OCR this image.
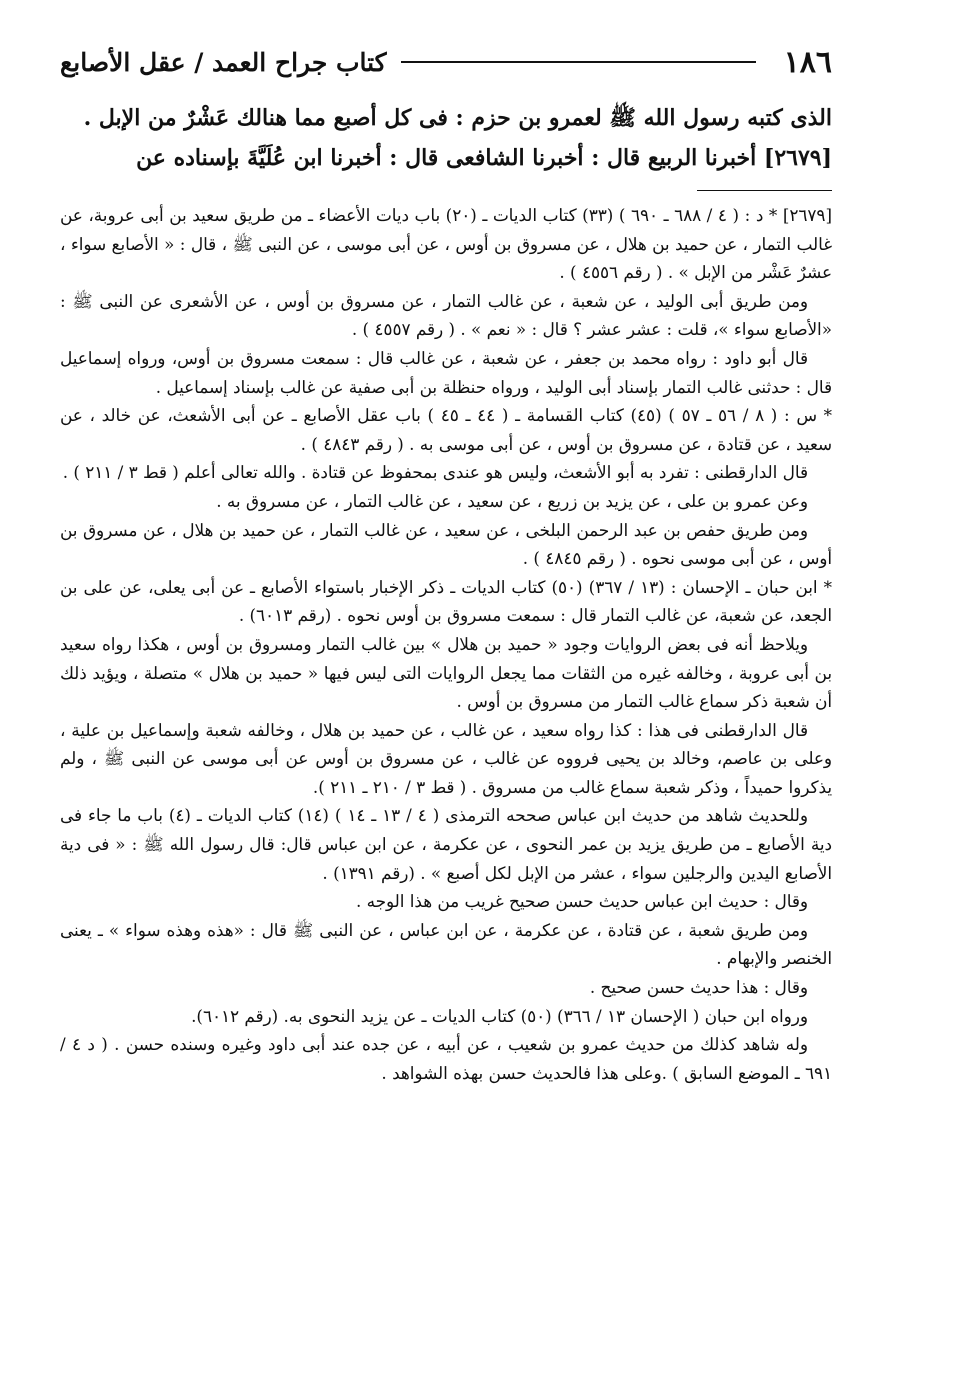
١٨٦
كتاب جراح العمد / عقل الأصابع

الذى كتبه رسول الله ﷺ لعمرو بن حزم : فى كل أصبع مما هنالك عَشْرٌ من الإبل .

[٢٦٧٩] أخبرنا الربيع قال : أخبرنا الشافعى قال : أخبرنا ابن عُلَيَّةَ بإسناده عن

[٢٦٧٩] * د : ( ٤ / ٦٨٨ ـ ٦٩٠ ) (٣٣) كتاب الديات ـ (٢٠) باب ديات الأعضاء ـ من طريق سعيد بن أبى عروبة، عن غالب التمار ، عن حميد بن هلال ، عن مسروق بن أوس ، عن أبى موسى ، عن النبى ﷺ ، قال : « الأصابع سواء ، عشرٌ عَشْر من الإبل » . ( رقم ٤٥٥٦ ) .

ومن طريق أبى الوليد ، عن شعبة ، عن غالب التمار ، عن مسروق بن أوس ، عن الأشعرى عن النبى ﷺ : «الأصابع سواء »، قلت : عشر عشر ؟ قال : « نعم » . ( رقم ٤٥٥٧ ) .

قال أبو داود : رواه محمد بن جعفر ، عن شعبة ، عن غالب قال : سمعت مسروق بن أوس، ورواه إسماعيل قال : حدثنى غالب التمار بإسناد أبى الوليد ، ورواه حنظلة بن أبى صفية عن غالب بإسناد إسماعيل .

* س : ( ٨ / ٥٦ ـ ٥٧ ) (٤٥) كتاب القسامة ـ ( ٤٤ ـ ٤٥ ) باب عقل الأصابع ـ عن أبى الأشعث، عن خالد ، عن سعيد ، عن قتادة ، عن مسروق بن أوس ، عن أبى موسى به . ( رقم ٤٨٤٣ ) .

قال الدارقطنى : تفرد به أبو الأشعث، وليس هو عندى بمحفوظ عن قتادة . والله تعالى أعلم ( قط ٣ / ٢١١ ) .

وعن عمرو بن على ، عن يزيد بن زريع ، عن سعيد ، عن غالب التمار ، عن مسروق به .

ومن طريق حفص بن عبد الرحمن البلخى ، عن سعيد ، عن غالب التمار ، عن حميد بن هلال ، عن مسروق بن أوس ، عن أبى موسى نحوه . ( رقم ٤٨٤٥ ) .

* ابن حبان ـ الإحسان : (١٣ / ٣٦٧) (٥٠) كتاب الديات ـ ذكر الإخبار باستواء الأصابع ـ عن أبى يعلى، عن على بن الجعد، عن شعبة، عن غالب التمار قال : سمعت مسروق بن أوس نحوه . (رقم ٦٠١٣) .

ويلاحظ أنه فى بعض الروايات وجود « حميد بن هلال » بين غالب التمار ومسروق بن أوس ، هكذا رواه سعيد بن أبى عروبة ، وخالفه غيره من الثقات مما يجعل الروايات التى ليس فيها « حميد بن هلال » متصلة ، ويؤيد ذلك أن شعبة ذكر سماع غالب التمار من مسروق بن أوس .

قال الدارقطنى فى هذا : كذا رواه سعيد ، عن غالب ، عن حميد بن هلال ، وخالفه شعبة وإسماعيل بن علية ، وعلى بن عاصم، وخالد بن يحيى فرووه عن غالب ، عن مسروق بن أوس عن أبى موسى عن النبى ﷺ ، ولم يذكروا حميداً ، وذكر شعبة سماع غالب من مسروق . ( قط ٣ / ٢١٠ ـ ٢١١ ).

وللحديث شاهد من حديث ابن عباس صححه الترمذى ( ٤ / ١٣ ـ ١٤ ) (١٤) كتاب الديات ـ (٤) باب ما جاء فى دية الأصابع ـ من طريق يزيد بن عمر النحوى ، عن عكرمة ، عن ابن عباس قال: قال رسول الله ﷺ : « فى دية الأصابع اليدين والرجلين سواء ، عشر من الإبل لكل أصبع » . (رقم ١٣٩١) .

وقال : حديث ابن عباس حديث حسن صحيح غريب من هذا الوجه .

ومن طريق شعبة ، عن قتادة ، عن عكرمة ، عن ابن عباس ، عن النبى ﷺ قال : «هذه وهذه سواء » ـ يعنى الخنصر والإبهام .

وقال : هذا حديث حسن صحيح .

ورواه ابن حبان ( الإحسان ١٣ / ٣٦٦) (٥٠) كتاب الديات ـ عن يزيد النحوى به. (رقم ٦٠١٢).

وله شاهد كذلك من حديث عمرو بن شعيب ، عن أبيه ، عن جده عند أبى داود وغيره وسنده حسن . ( د ٤ / ٦٩١ ـ الموضع السابق ) .وعلى هذا فالحديث حسن بهذه الشواهد .
